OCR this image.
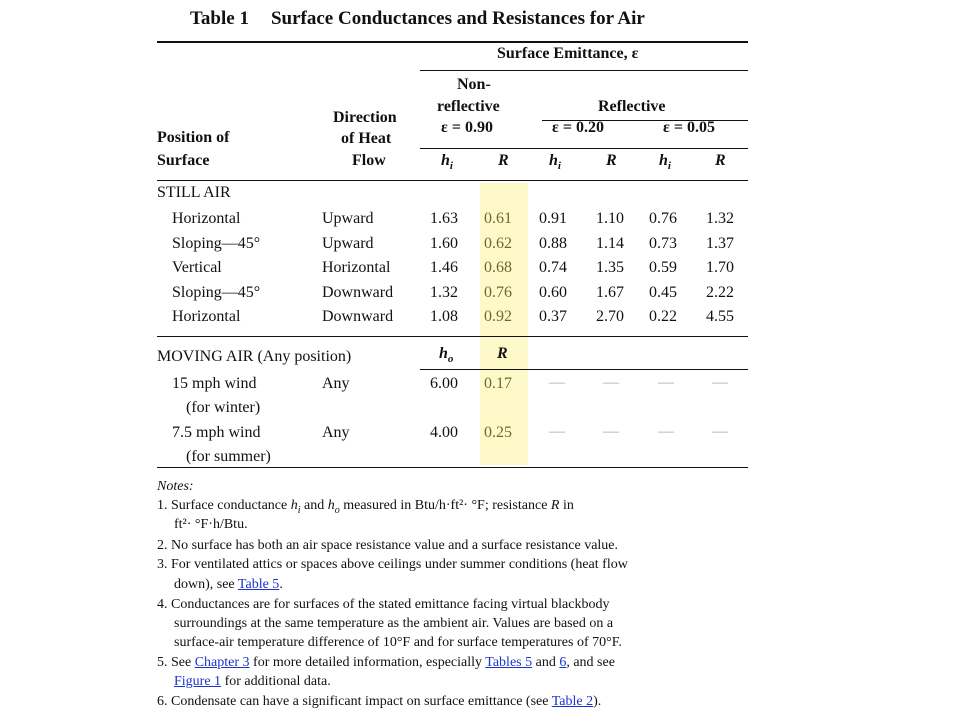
Table 1 Surface Conductances and Resistances for Air
Surface Emittance, ε
Non-
reflective
ε = 0.90
Reflective
ε = 0.20	ε = 0.05
Position of
Surface
Direction
of Heat
Flow	$h_i$	R	$h_i$	R	$h_i$	R
STILL AIR
Horizontal	Upward	1.63 0.61 0.91 1.10 0.76 1.32
Sloping—45°	Upward	1.60 0.62 0.88 1.14 0.73 1.37
Vertical	Horizontal 1.46 0.68 0.74 1.35 0.59 1.70
Sloping—45°	Downward 1.32 0.76 0.60 1.67 0.45 2.22
Horizontal	Downward 1.08 0.92 0.37 2.70 0.22 4.55
MOVING AIR (Any position)	$h_o$	R
15 mph wind
(for winter)
Any	6.00 0.17 — — — —
7.5 mph wind
(for summer)
Any	4.00 0.25 — — — —
Notes:
1. Surface conductance $h_i$ and $h_o$ measured in Btu/h·ft²· °F; resistance R in
ft²· °F·h/Btu.
2. No surface has both an air space resistance value and a surface resistance value.
3. For ventilated attics or spaces above ceilings under summer conditions (heat flow
down), see Table 5.
4. Conductances are for surfaces of the stated emittance facing virtual blackbody
surroundings at the same temperature as the ambient air. Values are based on a
surface-air temperature difference of 10°F and for surface temperatures of 70°F.
5. See Chapter 3 for more detailed information, especially Tables 5 and 6, and see
Figure 1 for additional data.
6. Condensate can have a significant impact on surface emittance (see Table 2).
